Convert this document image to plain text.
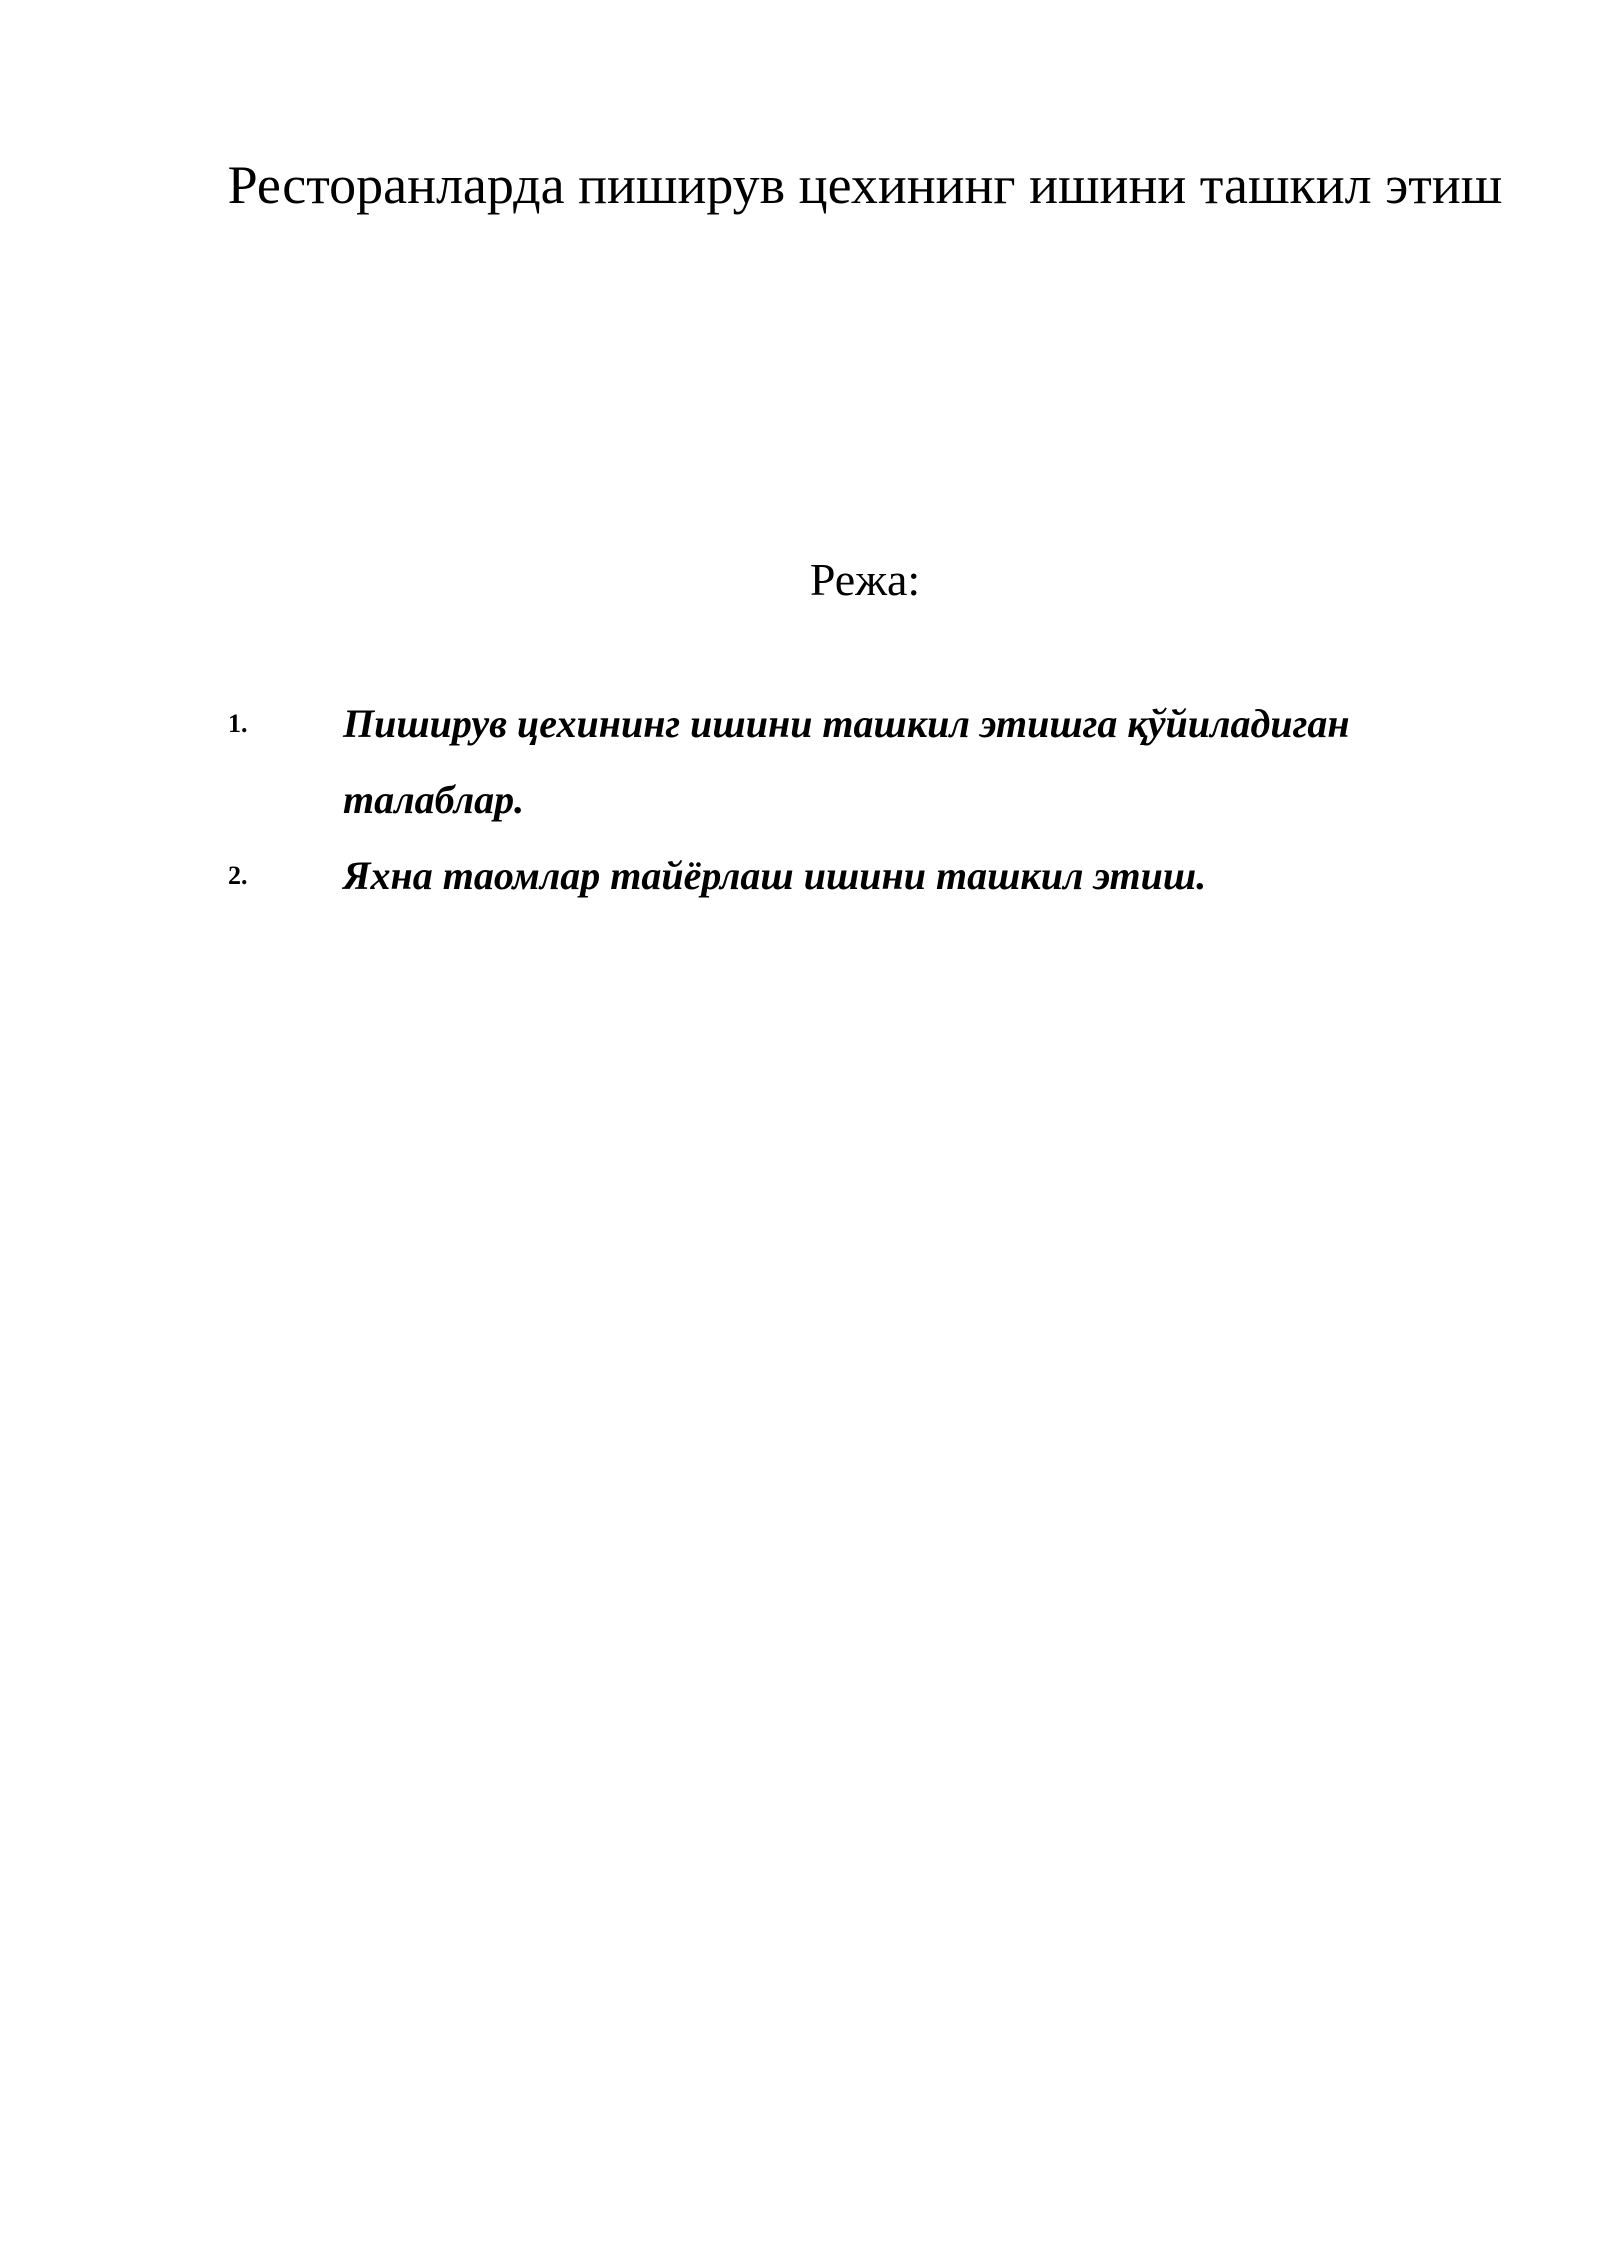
Ресторанларда пиширув цехининг ишини ташкил этиш
Режа:
1. Пиширув цехининг ишини ташкил этишга қўйиладиган талаблар.
2. Яхна таомлар тайёрлаш ишини ташкил этиш.
